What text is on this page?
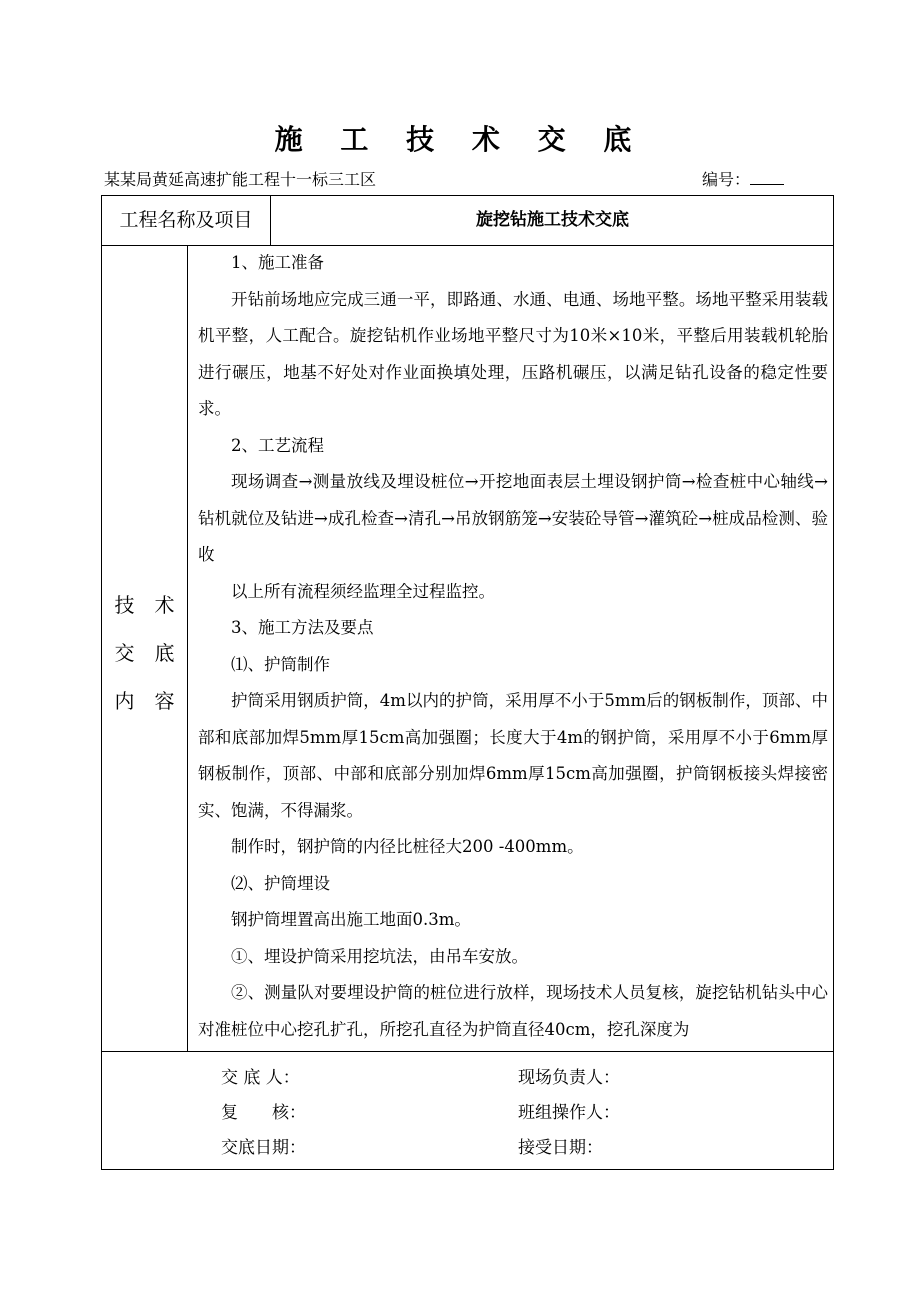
施 工 技 术 交 底
某某局黄延高速扩能工程十一标三工区	编号：
工程名称及项目	旋挖钻施工技术交底
技　术
交　底
内　容

1、施工准备

开钻前场地应完成三通一平，即路通、水通、电通、场地平整。场地平整采用装载机平整，人工配合。旋挖钻机作业场地平整尺寸为10米×10米，平整后用装载机轮胎进行碾压，地基不好处对作业面换填处理，压路机碾压，以满足钻孔设备的稳定性要求。

2、工艺流程

现场调查→测量放线及埋设桩位→开挖地面表层土埋设钢护筒→检查桩中心轴线→钻机就位及钻进→成孔检查→清孔→吊放钢筋笼→安装砼导管→灌筑砼→桩成品检测、验收

以上所有流程须经监理全过程监控。

3、施工方法及要点

⑴、护筒制作

护筒采用钢质护筒，4m以内的护筒，采用厚不小于5mm后的钢板制作，顶部、中部和底部加焊5mm厚15cm高加强圈；长度大于4m的钢护筒，采用厚不小于6mm厚钢板制作，顶部、中部和底部分别加焊6mm厚15cm高加强圈，护筒钢板接头焊接密实、饱满，不得漏浆。

制作时，钢护筒的内径比桩径大200 -400mm。

⑵、护筒埋设

钢护筒埋置高出施工地面0.3m。

①、埋设护筒采用挖坑法，由吊车安放。

②、测量队对要埋设护筒的桩位进行放样，现场技术人员复核，旋挖钻机钻头中心对准桩位中心挖孔扩孔，所挖孔直径为护筒直径40cm，挖孔深度为

交 底 人：	现场负责人：
复　　核：	班组操作人：
交底日期：	接受日期：
